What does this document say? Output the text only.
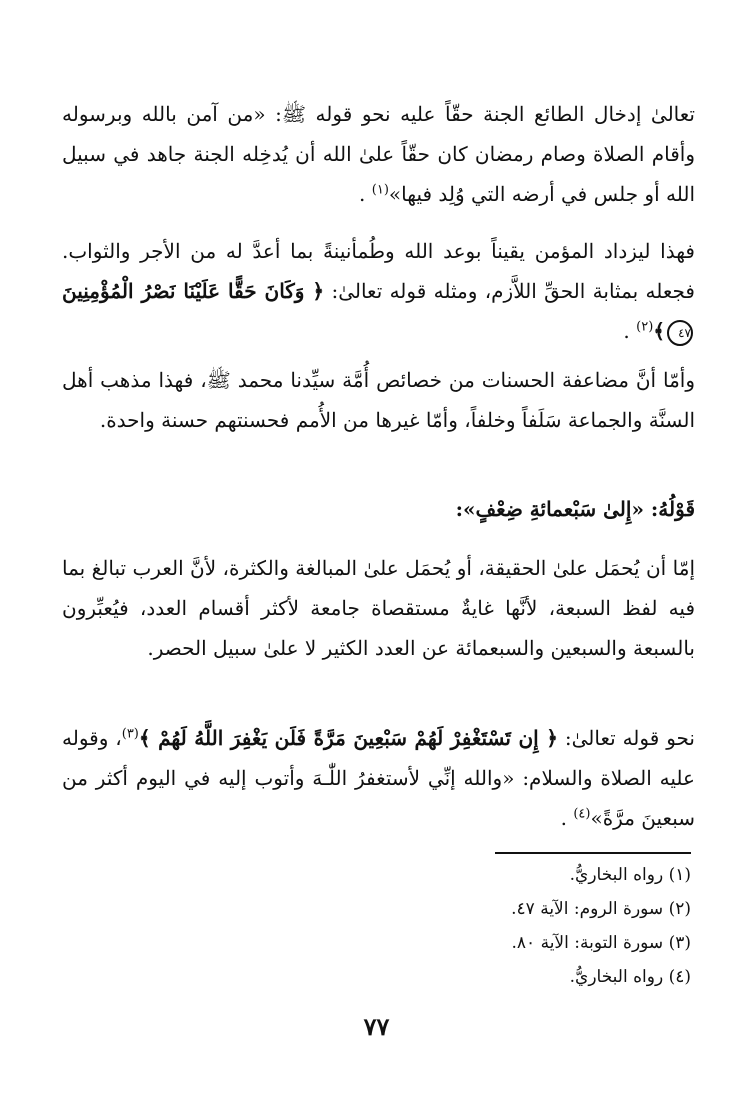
تعالىٰ إدخال الطائع الجنة حقّاً عليه نحو قوله ﷺ: «من آمن بالله وبرسوله وأقام الصلاة وصام رمضان كان حقّاً علىٰ الله أن يُدخِله الجنة جاهد في سبيل الله أو جلس في أرضه التي وُلِد فيها»$^{(١)}$ .

فهذا ليزداد المؤمن يقيناً بوعد الله وطُمأنينةً بما أعدَّ له من الأجر والثواب. فجعله بمثابة الحقِّ اللاَّزم، ومثله قوله تعالىٰ: ﴿ وَكَانَ حَقًّا عَلَيْنَا نَصْرُ الْمُؤْمِنِينَ٤٧﴾$^{(٢)}$ .

وأمّا أنَّ مضاعفة الحسنات من خصائص أُمَّة سيِّدنا محمد ﷺ، فهذا مذهب أهل السنَّة والجماعة سَلَفاً وخلفاً، وأمّا غيرها من الأُمم فحسنتهم حسنة واحدة.

قَوْلُهُ: «إِلىٰ سَبْعمائةِ ضِعْفٍ»:

إمّا أن يُحمَل علىٰ الحقيقة، أو يُحمَل علىٰ المبالغة والكثرة، لأنَّ العرب تبالغ بما فيه لفظ السبعة، لأنَّها غايةٌ مستقصاة جامعة لأكثر أقسام العدد، فيُعبِّرون بالسبعة والسبعين والسبعمائة عن العدد الكثير لا علىٰ سبيل الحصر.

نحو قوله تعالىٰ: ﴿ إِن تَسْتَغْفِرْ لَهُمْ سَبْعِينَ مَرَّةً فَلَن يَغْفِرَ اللَّهُ لَهُمْ ﴾$^{(٣)}$، وقوله عليه الصلاة والسلام: «والله إنِّي لأستغفرُ اللّٰـهَ وأتوب إليه في اليوم أكثر من سبعينَ مرَّةً»$^{(٤)}$ .

(١) رواه البخاريُّ.
(٢) سورة الروم: الآية ٤٧.
(٣) سورة التوبة: الآية ٨٠.
(٤) رواه البخاريُّ.
٧٧
